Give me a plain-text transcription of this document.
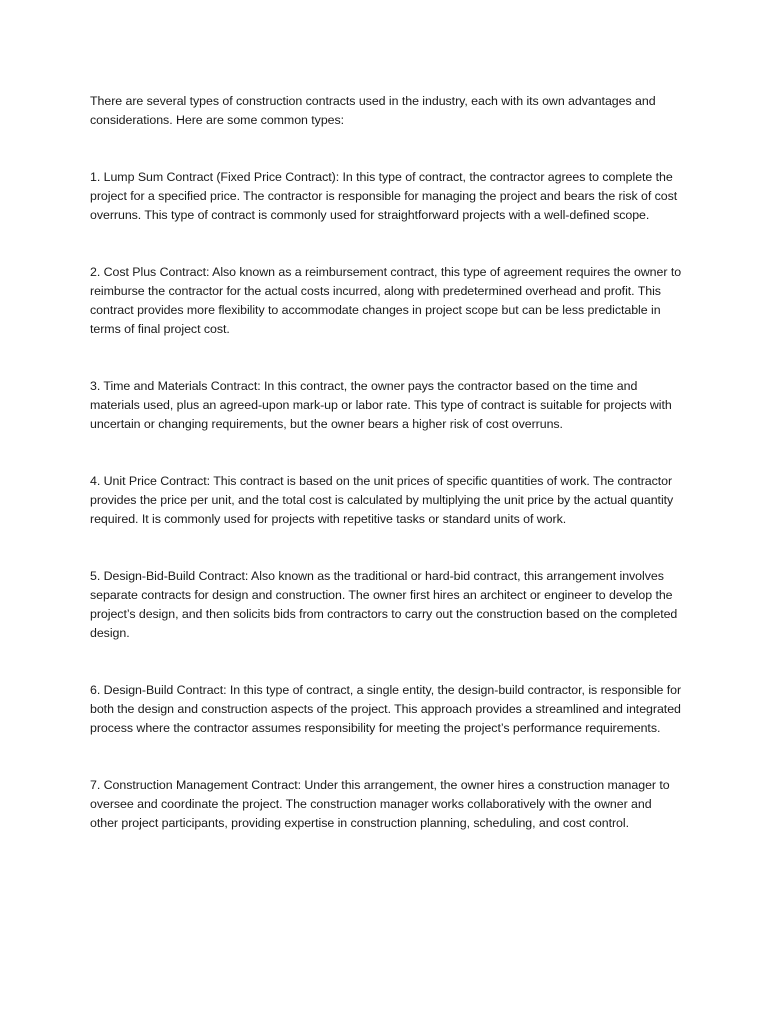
There are several types of construction contracts used in the industry, each with its own advantages and considerations. Here are some common types:

1. Lump Sum Contract (Fixed Price Contract): In this type of contract, the contractor agrees to complete the project for a specified price. The contractor is responsible for managing the project and bears the risk of cost overruns. This type of contract is commonly used for straightforward projects with a well-defined scope.

2. Cost Plus Contract: Also known as a reimbursement contract, this type of agreement requires the owner to reimburse the contractor for the actual costs incurred, along with predetermined overhead and profit. This contract provides more flexibility to accommodate changes in project scope but can be less predictable in terms of final project cost.

3. Time and Materials Contract: In this contract, the owner pays the contractor based on the time and materials used, plus an agreed-upon mark-up or labor rate. This type of contract is suitable for projects with uncertain or changing requirements, but the owner bears a higher risk of cost overruns.

4. Unit Price Contract: This contract is based on the unit prices of specific quantities of work. The contractor provides the price per unit, and the total cost is calculated by multiplying the unit price by the actual quantity required. It is commonly used for projects with repetitive tasks or standard units of work.

5. Design-Bid-Build Contract: Also known as the traditional or hard-bid contract, this arrangement involves separate contracts for design and construction. The owner first hires an architect or engineer to develop the project’s design, and then solicits bids from contractors to carry out the construction based on the completed design.

6. Design-Build Contract: In this type of contract, a single entity, the design-build contractor, is responsible for both the design and construction aspects of the project. This approach provides a streamlined and integrated process where the contractor assumes responsibility for meeting the project’s performance requirements.

7. Construction Management Contract: Under this arrangement, the owner hires a construction manager to oversee and coordinate the project. The construction manager works collaboratively with the owner and other project participants, providing expertise in construction planning, scheduling, and cost control.
